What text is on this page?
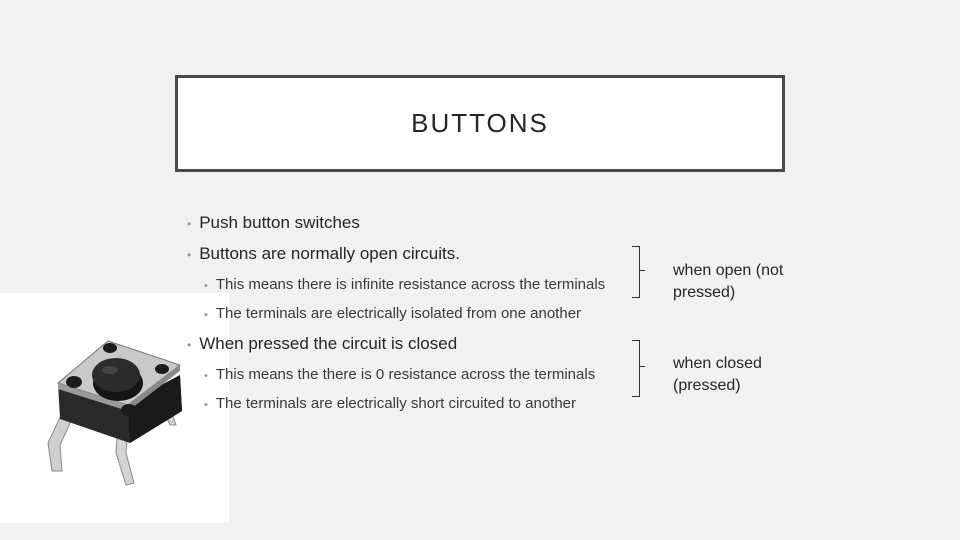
BUTTONS
• Push button switches
• Buttons are normally open circuits.
• This means there is infinite resistance across the terminals
• The terminals are electrically isolated from one another
• When pressed the circuit is closed
• This means the there is 0 resistance across the terminals
• The terminals are electrically short circuited to another
when open (not pressed)
when closed (pressed)
